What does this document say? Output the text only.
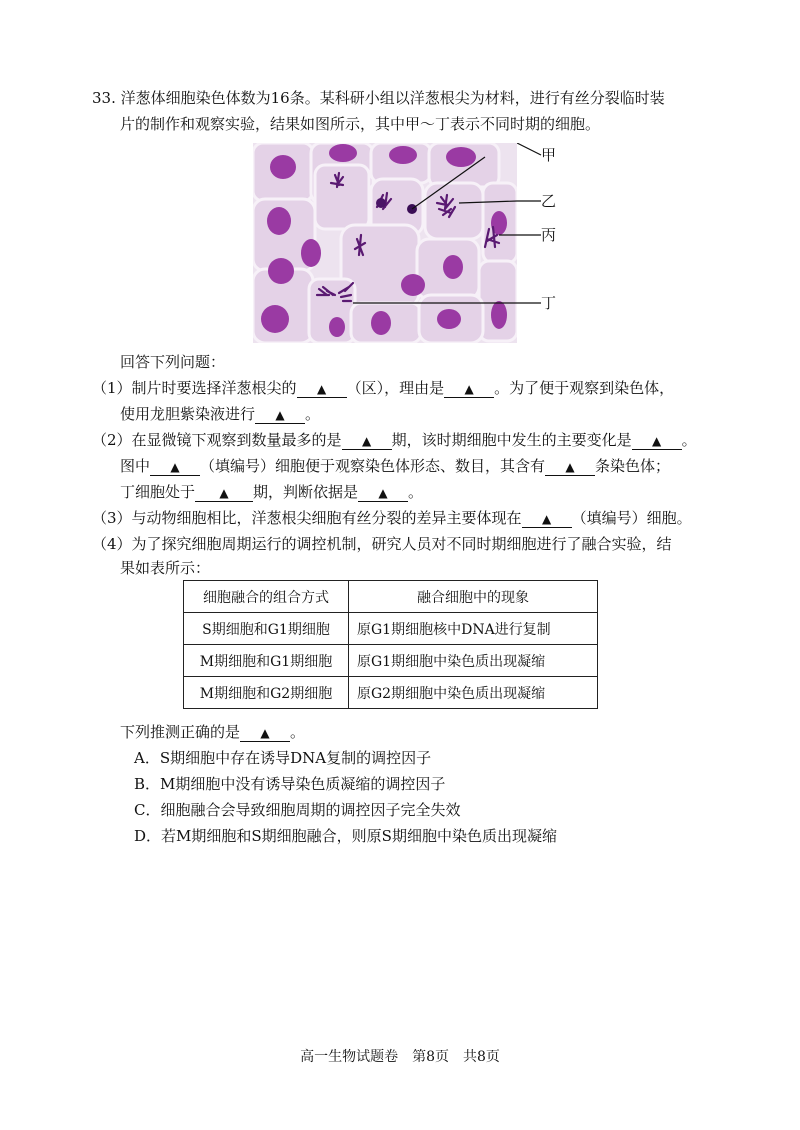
33. 洋葱体细胞染色体数为16条。某科研小组以洋葱根尖为材料，进行有丝分裂临时装
片的制作和观察实验，结果如图所示，其中甲～丁表示不同时期的细胞。
甲
乙
丙
丁
回答下列问题：
（1）制片时要选择洋葱根尖的 ▲ （区），理由是 ▲ 。为了便于观察到染色体，
使用龙胆紫染液进行 ▲ 。
（2）在显微镜下观察到数量最多的是 ▲ 期，该时期细胞中发生的主要变化是 ▲ 。
图中 ▲ （填编号）细胞便于观察染色体形态、数目，其含有 ▲ 条染色体；
丁细胞处于 ▲ 期，判断依据是 ▲ 。
（3）与动物细胞相比，洋葱根尖细胞有丝分裂的差异主要体现在 ▲ （填编号）细胞。
（4）为了探究细胞周期运行的调控机制，研究人员对不同时期细胞进行了融合实验，结
果如表所示：
细胞融合的组合方式	融合细胞中的现象
S期细胞和G1期细胞	原G1期细胞核中DNA进行复制
M期细胞和G1期细胞	原G1期细胞中染色质出现凝缩
M期细胞和G2期细胞	原G2期细胞中染色质出现凝缩
下列推测正确的是 ▲ 。
A．S期细胞中存在诱导DNA复制的调控因子
B．M期细胞中没有诱导染色质凝缩的调控因子
C．细胞融合会导致细胞周期的调控因子完全失效
D．若M期细胞和S期细胞融合，则原S期细胞中染色质出现凝缩
高一生物试题卷　第8页　共8页
